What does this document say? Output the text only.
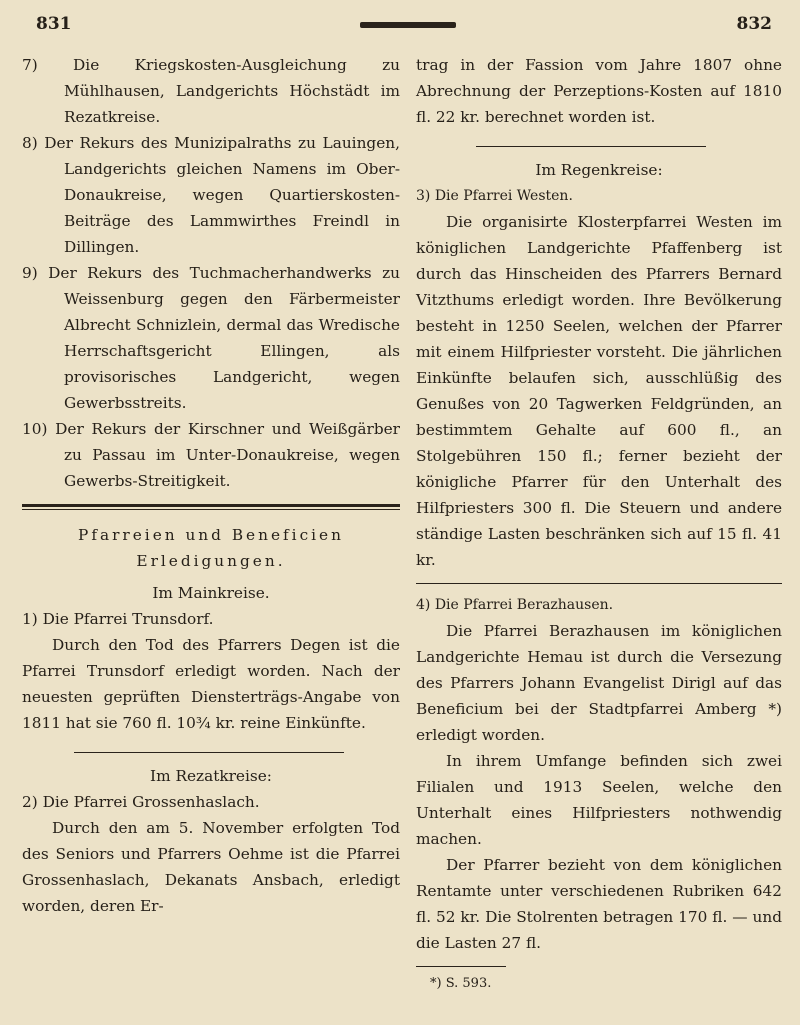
831	832

7) Die Kriegskosten-Ausgleichung zu Mühlhausen, Landgerichts Höchstädt im Rezatkreise.

8) Der Rekurs des Munizipalraths zu Lauingen, Landgerichts gleichen Namens im Ober-Donaukreise, wegen Quartierskosten-Beiträge des Lammwirthes Freindl in Dillingen.

9) Der Rekurs des Tuchmacherhandwerks zu Weissenburg gegen den Färbermeister Albrecht Schnizlein, dermal das Wredische Herrschaftsgericht Ellingen, als provisorisches Landgericht, wegen Gewerbsstreits.

10) Der Rekurs der Kirschner und Weißgärber zu Passau im Unter-Donaukreise, wegen Gewerbs-Streitigkeit.

Pfarreien und Beneficien

Erledigungen.

Im Mainkreise.

1) Die Pfarrei Trunsdorf.

Durch den Tod des Pfarrers Degen ist die Pfarrei Trunsdorf erledigt worden. Nach der neuesten geprüften Diensterträgs-Angabe von 1811 hat sie 760 fl. 10¾ kr. reine Einkünfte.

Im Rezatkreise:

2) Die Pfarrei Grossenhaslach.

Durch den am 5. November erfolgten Tod des Seniors und Pfarrers Oehme ist die Pfarrei Grossenhaslach, Dekanats Ansbach, erledigt worden, deren Er-

trag in der Fassion vom Jahre 1807 ohne Abrechnung der Perzeptions-Kosten auf 1810 fl. 22 kr. berechnet worden ist.

Im Regenkreise:

3) Die Pfarrei Westen.

Die organisirte Klosterpfarrei Westen im königlichen Landgerichte Pfaffenberg ist durch das Hinscheiden des Pfarrers Bernard Vitzthums erledigt worden. Ihre Bevölkerung besteht in 1250 Seelen, welchen der Pfarrer mit einem Hilfpriester vorsteht. Die jährlichen Einkünfte belaufen sich, ausschlüßig des Genußes von 20 Tagwerken Feldgründen, an bestimmtem Gehalte auf 600 fl., an Stolgebühren 150 fl.; ferner bezieht der königliche Pfarrer für den Unterhalt des Hilfpriesters 300 fl. Die Steuern und andere ständige Lasten beschränken sich auf 15 fl. 41 kr.

4) Die Pfarrei Berazhausen.

Die Pfarrei Berazhausen im königlichen Landgerichte Hemau ist durch die Versezung des Pfarrers Johann Evangelist Dirigl auf das Beneficium bei der Stadtpfarrei Amberg *) erledigt worden.

In ihrem Umfange befinden sich zwei Filialen und 1913 Seelen, welche den Unterhalt eines Hilfpriesters nothwendig machen.

Der Pfarrer bezieht von dem königlichen Rentamte unter verschiedenen Rubriken 642 fl. 52 kr. Die Stolrenten betragen 170 fl. — und die Lasten 27 fl.

*) S. 593.
